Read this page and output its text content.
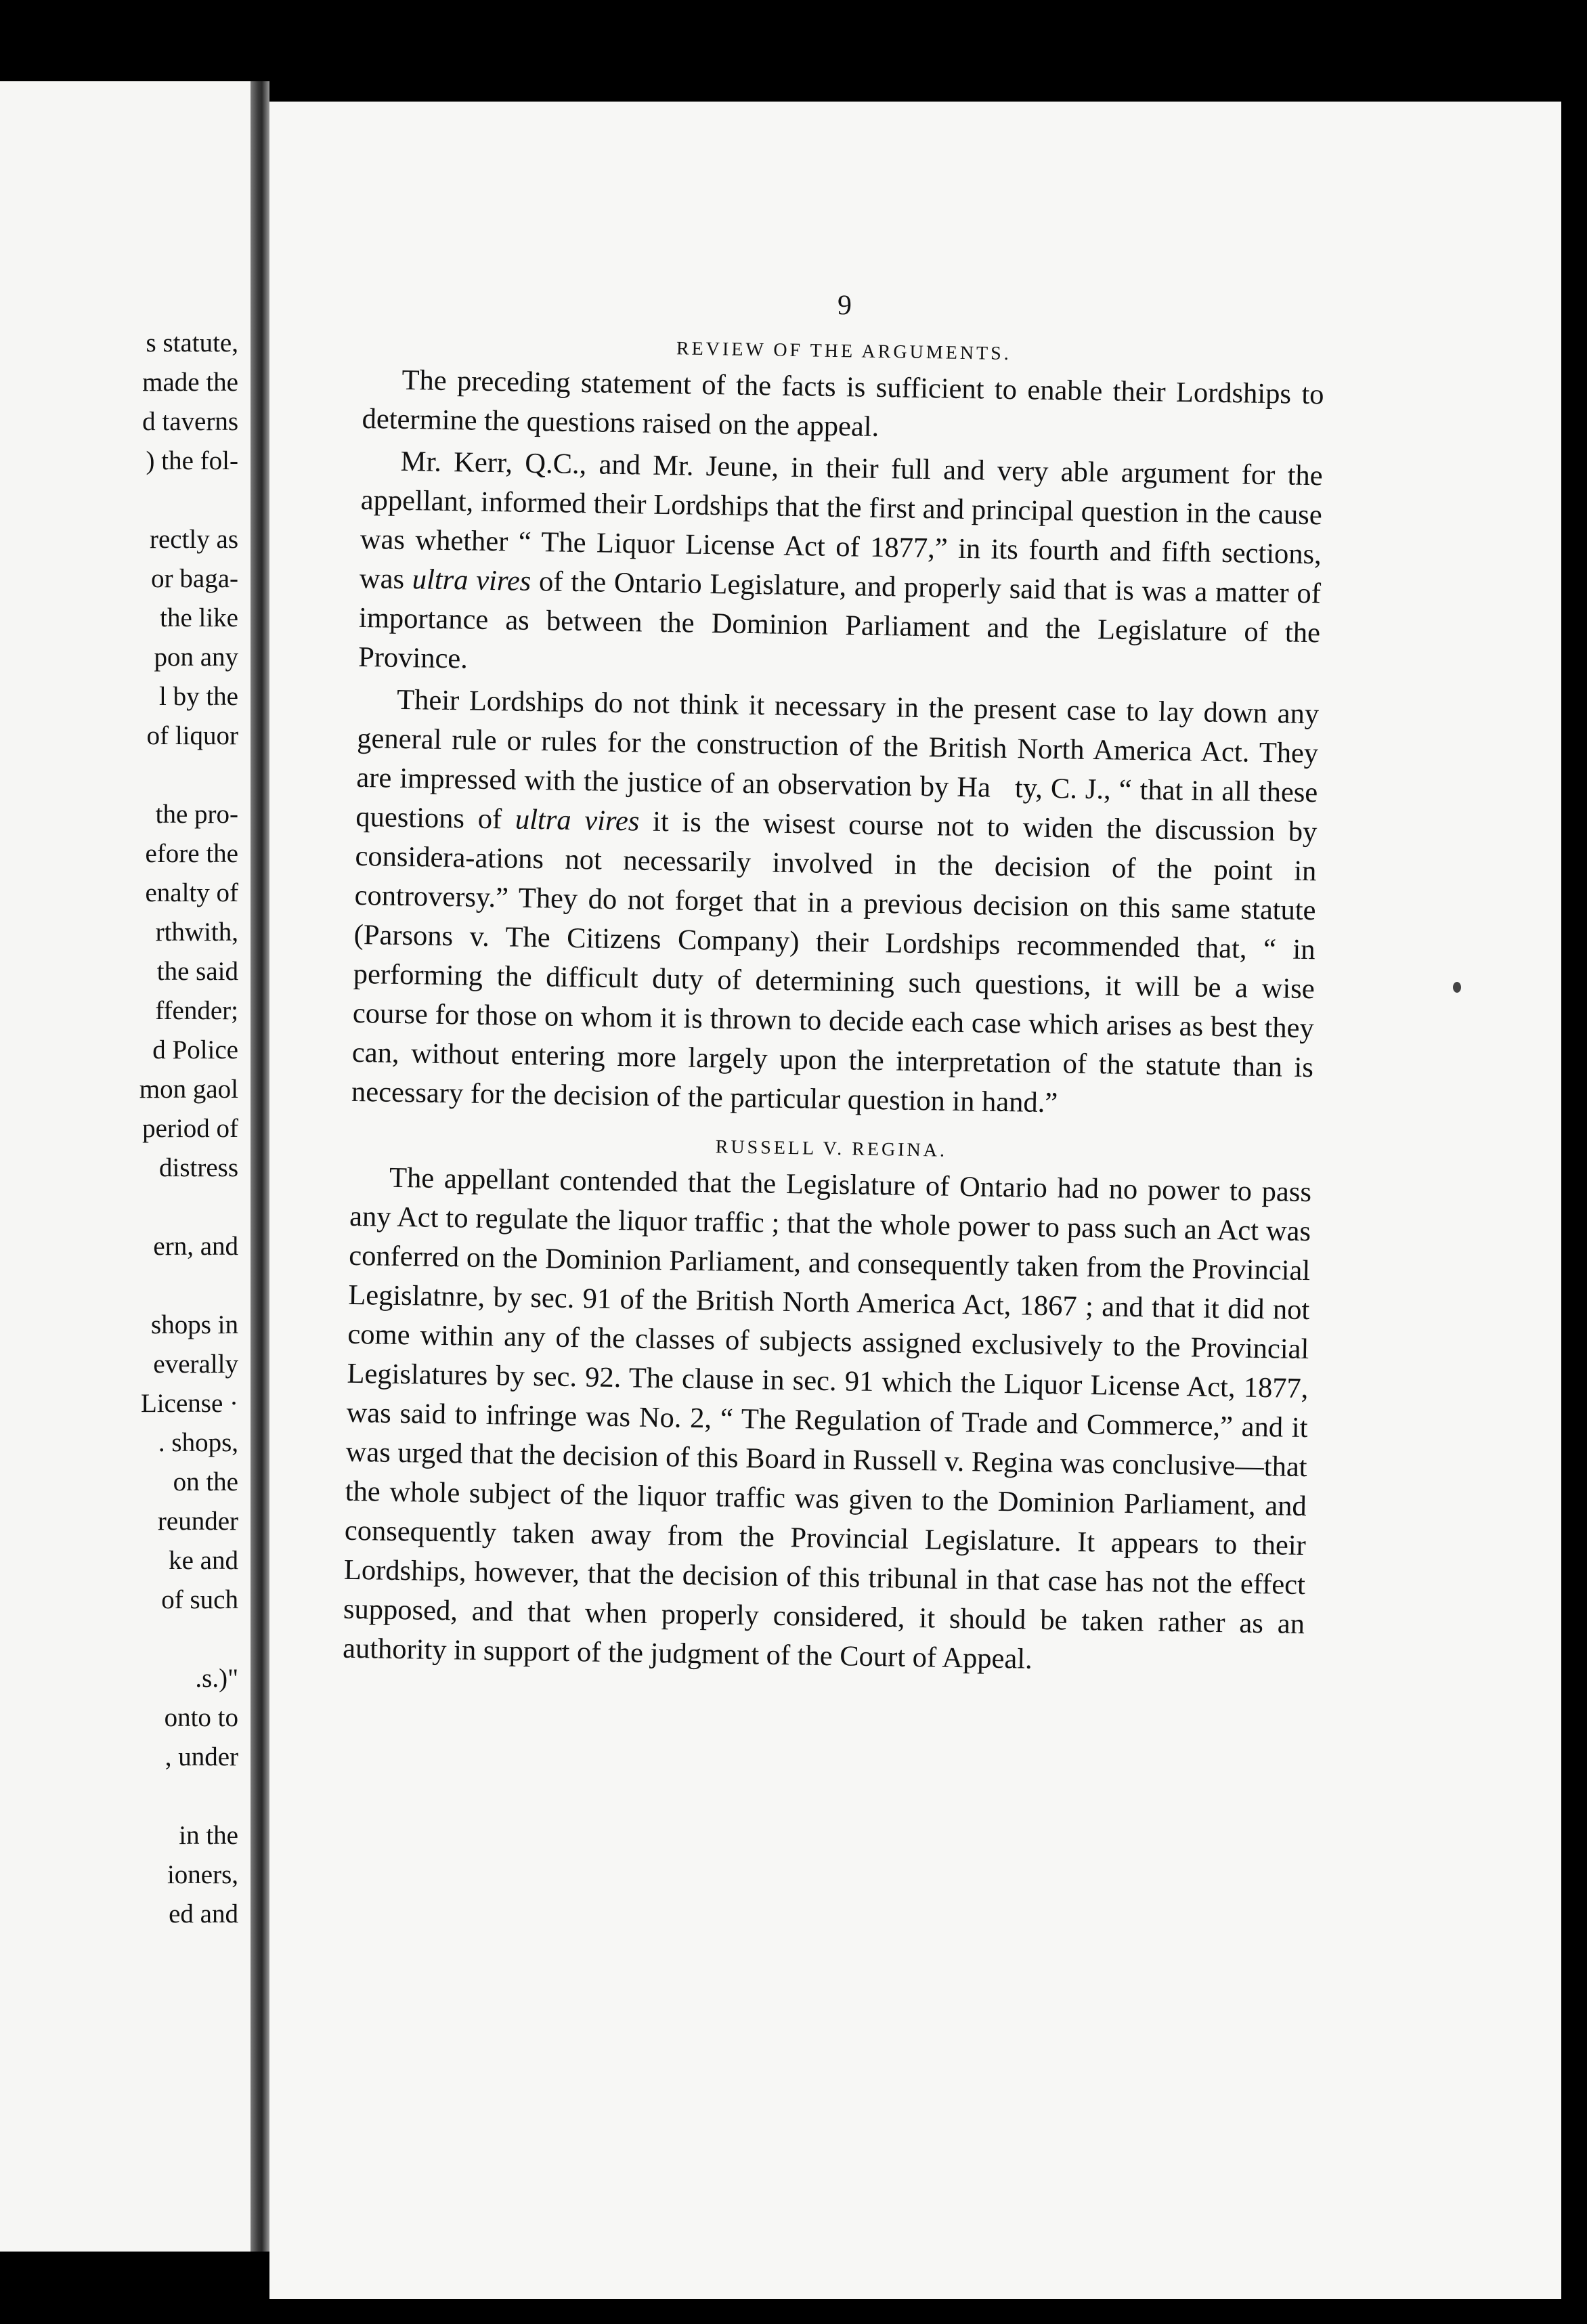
s statute,
made the
d taverns
) the fol-
rectly as
or baga-
the like
pon any
l by the
of liquor
the pro-
efore the
enalty of
rthwith,
the said
ffender;
d Police
mon gaol
period of
distress
ern, and
shops in
everally
License ·
. shops,
on the
reunder
ke and
of such
.s.)"
onto to
, under
in the
ioners,
ed and
9

REVIEW OF THE ARGUMENTS.

The preceding statement of the facts is sufficient to enable their Lordships to determine the questions raised on the appeal.

Mr. Kerr, Q.C., and Mr. Jeune, in their full and very able argument for the appellant, informed their Lordships that the first and principal question in the cause was whether “ The Liquor License Act of 1877,” in its fourth and fifth sections, was ultra vires of the Ontario Legislature, and properly said that is was a matter of importance as between the Dominion Parliament and the Legislature of the Province.

Their Lordships do not think it necessary in the present case to lay down any general rule or rules for the construction of the British North America Act. They are impressed with the justice of an observation by Ha   ty, C. J., “ that in all these questions of ultra vires it is the wisest course not to widen the discussion by considera-ations not necessarily involved in the decision of the point in controversy.” They do not forget that in a previous decision on this same statute (Parsons v. The Citizens Company) their Lordships recommended that, “ in performing the difficult duty of determining such questions, it will be a wise course for those on whom it is thrown to decide each case which arises as best they can, without entering more largely upon the interpretation of the statute than is necessary for the decision of the particular question in hand.”

RUSSELL V. REGINA.

The appellant contended that the Legislature of Ontario had no power to pass any Act to regulate the liquor traffic ; that the whole power to pass such an Act was conferred on the Dominion Parliament, and consequently taken from the Provincial Legislatnre, by sec. 91 of the British North America Act, 1867 ; and that it did not come within any of the classes of subjects assigned exclusively to the Provincial Legislatures by sec. 92. The clause in sec. 91 which the Liquor License Act, 1877, was said to infringe was No. 2, “ The Regulation of Trade and Commerce,” and it was urged that the decision of this Board in Russell v. Regina was conclusive—that the whole subject of the liquor traffic was given to the Dominion Parliament, and consequently taken away from the Provincial Legislature. It appears to their Lordships, however, that the decision of this tribunal in that case has not the effect supposed, and that when properly considered, it should be taken rather as an authority in support of the judgment of the Court of Appeal.
